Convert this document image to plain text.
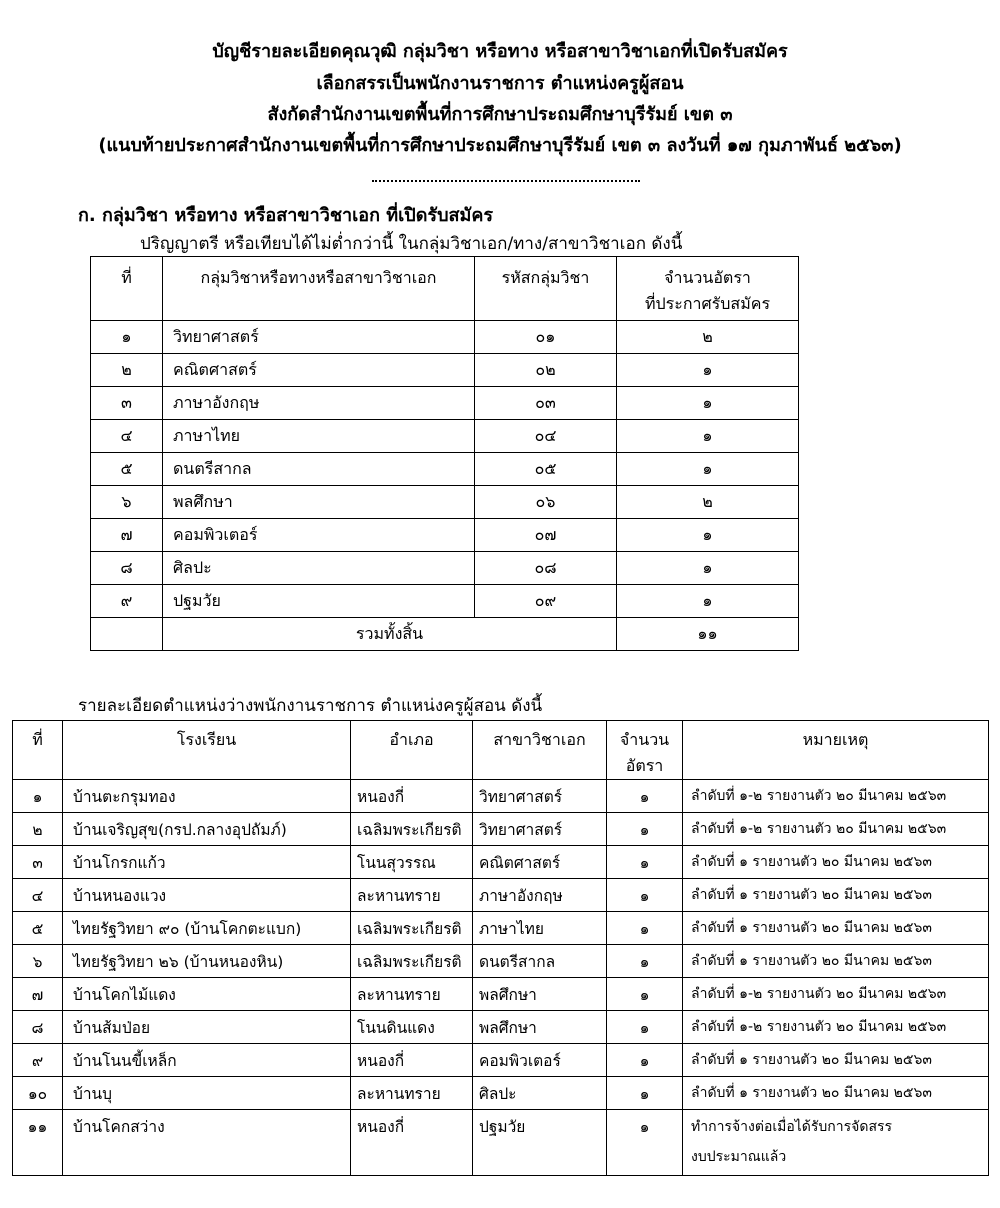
บัญชีรายละเอียดคุณวุฒิ กลุ่มวิชา หรือทาง หรือสาขาวิชาเอกที่เปิดรับสมัคร
เลือกสรรเป็นพนักงานราชการ ตำแหน่งครูผู้สอน
สังกัดสำนักงานเขตพื้นที่การศึกษาประถมศึกษาบุรีรัมย์ เขต ๓
(แนบท้ายประกาศสำนักงานเขตพื้นที่การศึกษาประถมศึกษาบุรีรัมย์ เขต ๓ ลงวันที่ ๑๗ กุมภาพันธ์ ๒๕๖๓)
ก. กลุ่มวิชา หรือทาง หรือสาขาวิชาเอก ที่เปิดรับสมัคร
ปริญญาตรี หรือเทียบได้ไม่ต่ำกว่านี้ ในกลุ่มวิชาเอก/ทาง/สาขาวิชาเอก ดังนี้
ที่	กลุ่มวิชาหรือทางหรือสาขาวิชาเอก	รหัสกลุ่มวิชา	จำนวนอัตรา
ที่ประกาศรับสมัคร

๑	วิทยาศาสตร์	๐๑	๒
๒	คณิตศาสตร์	๐๒	๑
๓	ภาษาอังกฤษ	๐๓	๑
๔	ภาษาไทย	๐๔	๑
๕	ดนตรีสากล	๐๕	๑
๖	พลศึกษา	๐๖	๒
๗	คอมพิวเตอร์	๐๗	๑
๘	ศิลปะ	๐๘	๑
๙	ปฐมวัย	๐๙	๑
	รวมทั้งสิ้น		๑๑
รายละเอียดตำแหน่งว่างพนักงานราชการ ตำแหน่งครูผู้สอน ดังนี้
ที่	โรงเรียน	อำเภอ	สาขาวิชาเอก	จำนวน
อัตรา	หมายเหตุ
๑	บ้านตะกรุมทอง	หนองกี่	วิทยาศาสตร์	๑	ลำดับที่ ๑-๒ รายงานตัว ๒๐ มีนาคม ๒๕๖๓
๒	บ้านเจริญสุข(กรป.กลางอุปถัมภ์)	เฉลิมพระเกียรติ	วิทยาศาสตร์	๑	ลำดับที่ ๑-๒ รายงานตัว ๒๐ มีนาคม ๒๕๖๓
๓	บ้านโกรกแก้ว	โนนสุวรรณ	คณิตศาสตร์	๑	ลำดับที่ ๑ รายงานตัว ๒๐ มีนาคม ๒๕๖๓
๔	บ้านหนองแวง	ละหานทราย	ภาษาอังกฤษ	๑	ลำดับที่ ๑ รายงานตัว ๒๐ มีนาคม ๒๕๖๓
๕	ไทยรัฐวิทยา ๙๐ (บ้านโคกตะแบก)	เฉลิมพระเกียรติ	ภาษาไทย	๑	ลำดับที่ ๑ รายงานตัว ๒๐ มีนาคม ๒๕๖๓
๖	ไทยรัฐวิทยา ๒๖ (บ้านหนองหิน)	เฉลิมพระเกียรติ	ดนตรีสากล	๑	ลำดับที่ ๑ รายงานตัว ๒๐ มีนาคม ๒๕๖๓
๗	บ้านโคกไม้แดง	ละหานทราย	พลศึกษา	๑	ลำดับที่ ๑-๒ รายงานตัว ๒๐ มีนาคม ๒๕๖๓
๘	บ้านส้มป่อย	โนนดินแดง	พลศึกษา	๑	ลำดับที่ ๑-๒ รายงานตัว ๒๐ มีนาคม ๒๕๖๓
๙	บ้านโนนขี้เหล็ก	หนองกี่	คอมพิวเตอร์	๑	ลำดับที่ ๑ รายงานตัว ๒๐ มีนาคม ๒๕๖๓
๑๐	บ้านบุ	ละหานทราย	ศิลปะ	๑	ลำดับที่ ๑ รายงานตัว ๒๐ มีนาคม ๒๕๖๓
๑๑	บ้านโคกสว่าง	หนองกี่	ปฐมวัย	๑	ทำการจ้างต่อเมื่อได้รับการจัดสรร
งบประมาณแล้ว
